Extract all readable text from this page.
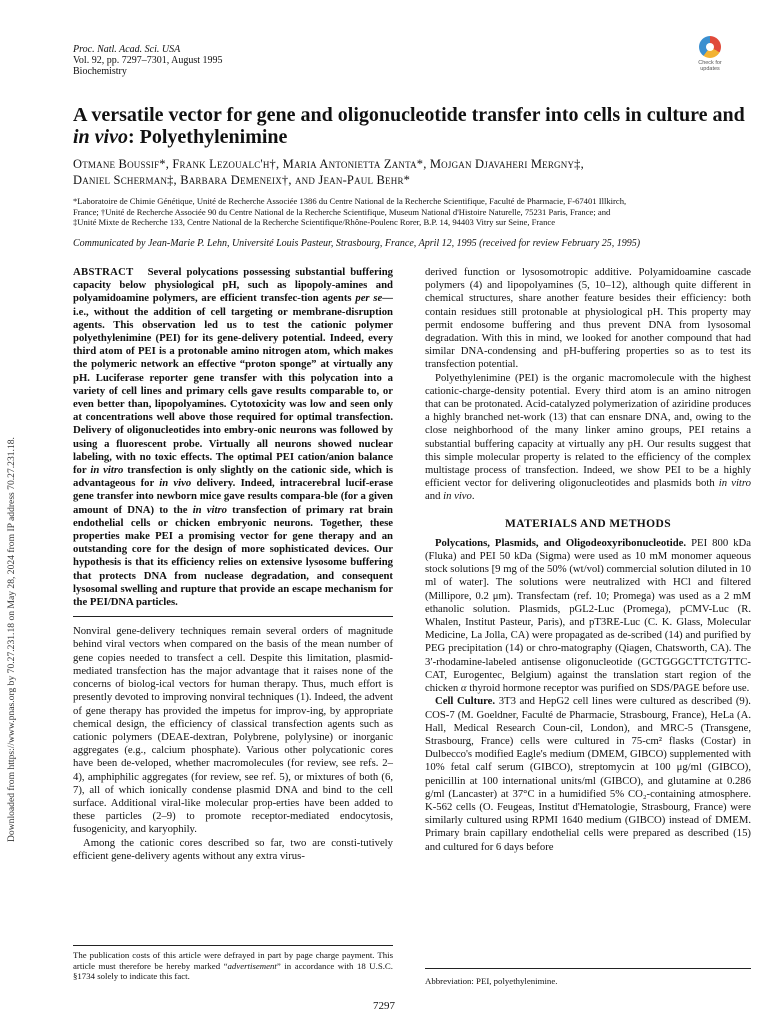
Downloaded from https://www.pnas.org by 70.27.231.18 on May 28, 2024 from IP address 70.27.231.18.
Proc. Natl. Acad. Sci. USA
Vol. 92, pp. 7297–7301, August 1995
Biochemistry
Check for
updates
A versatile vector for gene and oligonucleotide transfer into cells in culture and in vivo: Polyethylenimine
Otmane Boussif*, Frank Lezoualc'h†, Maria Antonietta Zanta*, Mojgan Djavaheri Mergny‡,
Daniel Scherman‡, Barbara Demeneix†, and Jean-Paul Behr*
*Laboratoire de Chimie Génétique, Unité de Recherche Associée 1386 du Centre National de la Recherche Scientifique, Faculté de Pharmacie, F-67401 Illkirch,
France; †Unité de Recherche Associée 90 du Centre National de la Recherche Scientifique, Museum National d'Histoire Naturelle, 75231 Paris, France; and
‡Unité Mixte de Recherche 133, Centre National de la Recherche Scientifique/Rhône-Poulenc Rorer, B.P. 14, 94403 Vitry sur Seine, France
Communicated by Jean-Marie P. Lehn, Université Louis Pasteur, Strasbourg, France, April 12, 1995 (received for review February 25, 1995)

ABSTRACT Several polycations possessing substantial buffering capacity below physiological pH, such as lipopoly-amines and polyamidoamine polymers, are efficient transfec-tion agents per se—i.e., without the addition of cell targeting or membrane-disruption agents. This observation led us to test the cationic polymer polyethylenimine (PEI) for its gene-delivery potential. Indeed, every third atom of PEI is a protonable amino nitrogen atom, which makes the polymeric network an effective “proton sponge” at virtually any pH. Luciferase reporter gene transfer with this polycation into a variety of cell lines and primary cells gave results comparable to, or even better than, lipopolyamines. Cytotoxicity was low and seen only at concentrations well above those required for optimal transfection. Delivery of oligonucleotides into embry-onic neurons was followed by using a fluorescent probe. Virtually all neurons showed nuclear labeling, with no toxic effects. The optimal PEI cation/anion balance for in vitro transfection is only slightly on the cationic side, which is advantageous for in vivo delivery. Indeed, intracerebral lucif-erase gene transfer into newborn mice gave results compara-ble (for a given amount of DNA) to the in vitro transfection of primary rat brain endothelial cells or chicken embryonic neurons. Together, these properties make PEI a promising vector for gene therapy and an outstanding core for the design of more sophisticated devices. Our hypothesis is that its efficiency relies on extensive lysosome buffering that protects DNA from nuclease degradation, and consequent lysosomal swelling and rupture that provide an escape mechanism for the PEI/DNA particles.

Nonviral gene-delivery techniques remain several orders of magnitude behind viral vectors when compared on the basis of the mean number of gene copies needed to transfect a cell. Despite this limitation, plasmid-mediated transfection has the major advantage that it raises none of the concerns of biolog-ical vectors for human therapy. Thus, much effort is presently devoted to improving nonviral techniques (1). Indeed, the advent of gene therapy has provided the impetus for improv-ing, by appropriate chemical design, the efficiency of classical transfection agents such as cationic polymers (DEAE-dextran, Polybrene, polylysine) or inorganic aggregates (e.g., calcium phosphate). Various other polycationic cores have been de-veloped, whether macromolecules (for review, see refs. 2–4), amphiphilic aggregates (for review, see ref. 5), or mixtures of both (6, 7), all of which ionically condense plasmid DNA and bind to the cell surface. Additional viral-like molecular prop-erties have been added to these particles (2–9) to promote receptor-mediated endocytosis, fusogenicity, and karyophily.

Among the cationic cores described so far, two are consti-tutively efficient gene-delivery agents without any extra virus-

derived function or lysosomotropic additive. Polyamidoamine cascade polymers (4) and lipopolyamines (5, 10–12), although quite different in chemical structures, share another feature besides their efficiency: both contain residues still protonable at physiological pH. This property may permit endosome buffering and thus prevent DNA from lysosomal degradation. With this in mind, we looked for another compound that had similar DNA-condensing and pH-buffering properties so as to test its transfection potential.

Polyethylenimine (PEI) is the organic macromolecule with the highest cationic-charge-density potential. Every third atom is an amino nitrogen that can be protonated. Acid-catalyzed polymerization of aziridine produces a highly branched net-work (13) that can ensnare DNA, and, owing to the close neighborhood of the many linker amino groups, PEI retains a substantial buffering capacity at virtually any pH. Our results suggest that this simple molecular property is related to the efficiency of the complex multistage process of transfection. Indeed, we show PEI to be a highly efficient vector for delivering oligonucleotides and plasmids both in vitro and in vivo.

MATERIALS AND METHODS

Polycations, Plasmids, and Oligodeoxyribonucleotide. PEI 800 kDa (Fluka) and PEI 50 kDa (Sigma) were used as 10 mM monomer aqueous stock solutions [9 mg of the 50% (wt/vol) commercial solution diluted in 10 ml of water]. The solutions were neutralized with HCl and filtered (Millipore, 0.2 μm). Transfectam (ref. 10; Promega) was used as a 2 mM ethanolic solution. Plasmids, pGL2-Luc (Promega), pCMV-Luc (R. Whalen, Institut Pasteur, Paris), and pT3RE-Luc (C. K. Glass, Molecular Medicine, La Jolla, CA) were propagated as de-scribed (14) and purified by PEG precipitation (14) or chro-matography (Qiagen, Chatsworth, CA). The 3′-rhodamine-labeled antisense oligonucleotide (GCTGGGCTTCTGTTC-CAT, Eurogentec, Belgium) against the translation start region of the chicken α thyroid hormone receptor was purified on SDS/PAGE before use.

Cell Culture. 3T3 and HepG2 cell lines were cultured as described (9). COS-7 (M. Goeldner, Faculté de Pharmacie, Strasbourg, France), HeLa (A. Hall, Medical Research Coun-cil, London), and MRC-5 (Transgene, Strasbourg, France) cells were cultured in 75-cm² flasks (Costar) in Dulbecco's modified Eagle's medium (DMEM, GIBCO) supplemented with 10% fetal calf serum (GIBCO), streptomycin at 100 μg/ml (GIBCO), penicillin at 100 international units/ml (GIBCO), and glutamine at 0.286 g/ml (Lancaster) at 37°C in a humidified 5% CO₂-containing atmosphere. K-562 cells (O. Feugeas, Institut d'Hematologie, Strasbourg, France) were similarly cultured using RPMI 1640 medium (GIBCO) instead of DMEM. Primary brain capillary endothelial cells were prepared as described (15) and cultured for 6 days before

The publication costs of this article were defrayed in part by page charge payment. This article must therefore be hereby marked “advertisement” in accordance with 18 U.S.C. §1734 solely to indicate this fact.	Abbreviation: PEI, polyethylenimine.
7297
